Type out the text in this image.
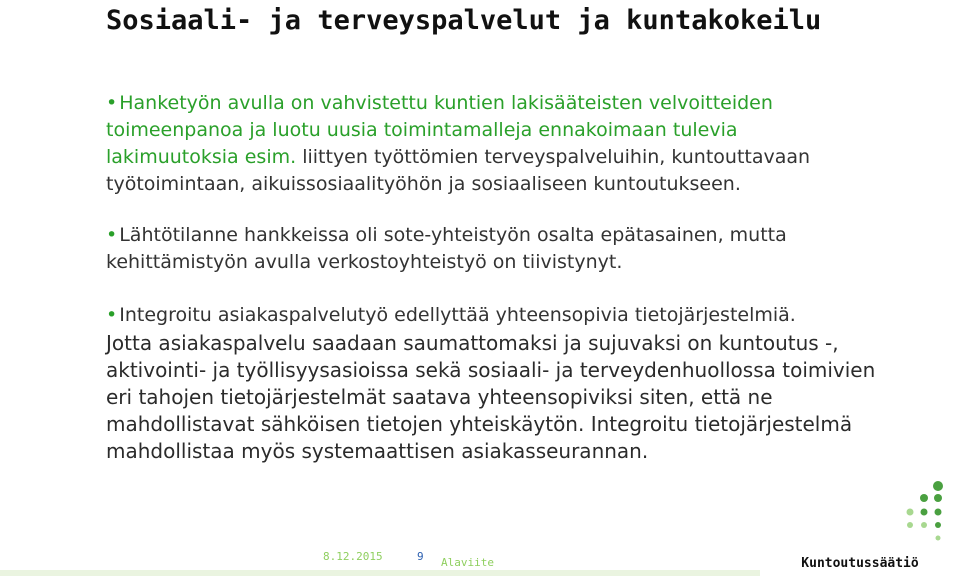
Sosiaali- ja terveyspalvelut ja kuntakokeilu

• Hanketyön avulla on vahvistettu kuntien lakisääteisten velvoitteiden toimeenpanoa ja luotu uusia toimintamalleja ennakoimaan tulevia lakimuutoksia esim. liittyen työttömien terveyspalveluihin, kuntouttavaan työtoimintaan, aikuissosiaalityöhön ja sosiaaliseen kuntoutukseen.

• Lähtötilanne hankkeissa oli sote-yhteistyön osalta epätasainen, mutta kehittämistyön avulla verkostoyhteistyö on tiivistynyt.

• Integroitu asiakaspalvelutyö edellyttää yhteensopivia tietojärjestelmiä.

Jotta asiakaspalvelu saadaan saumattomaksi ja sujuvaksi on kuntoutus -, aktivointi- ja työllisyysasioissa sekä sosiaali- ja terveydenhuollossa toimivien eri tahojen tietojärjestelmät saatava yhteensopiviksi siten, että ne mahdollistavat sähköisen tietojen yhteiskäytön. Integroitu tietojärjestelmä mahdollistaa myös systemaattisen asiakasseurannan.

8.12.2015	9 Alaviite	Kuntoutussäätiö
